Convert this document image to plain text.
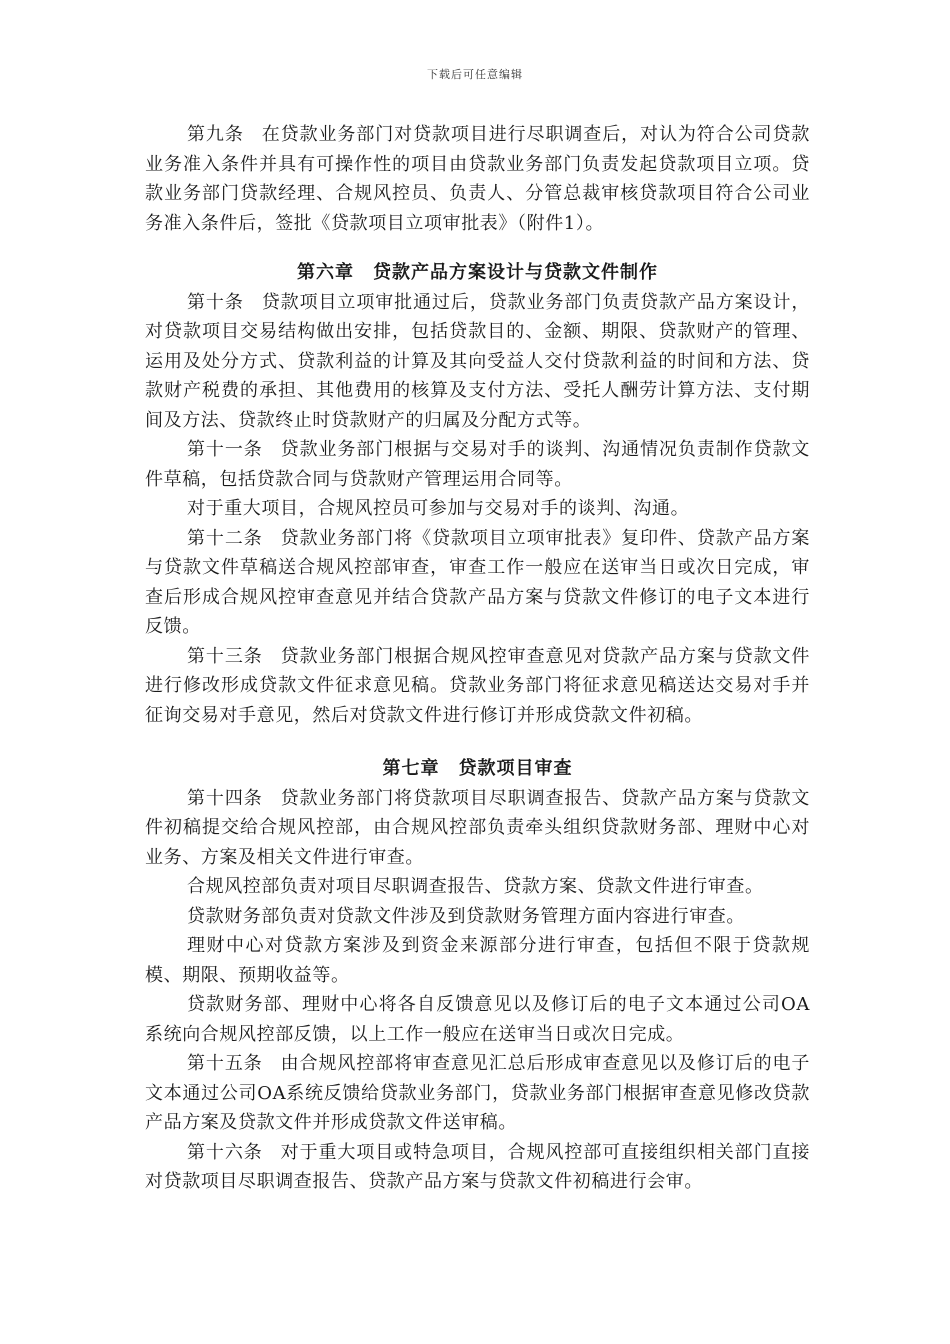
下载后可任意编辑

第九条 在贷款业务部门对贷款项目进行尽职调查后，对认为符合公司贷款业务准入条件并具有可操作性的项目由贷款业务部门负责发起贷款项目立项。贷款业务部门贷款经理、合规风控员、负责人、分管总裁审核贷款项目符合公司业务准入条件后，签批《贷款项目立项审批表》（附件1）。

第六章　贷款产品方案设计与贷款文件制作

第十条 贷款项目立项审批通过后，贷款业务部门负责贷款产品方案设计，对贷款项目交易结构做出安排，包括贷款目的、金额、期限、贷款财产的管理、运用及处分方式、贷款利益的计算及其向受益人交付贷款利益的时间和方法、贷款财产税费的承担、其他费用的核算及支付方法、受托人酬劳计算方法、支付期间及方法、贷款终止时贷款财产的归属及分配方式等。

第十一条 贷款业务部门根据与交易对手的谈判、沟通情况负责制作贷款文件草稿，包括贷款合同与贷款财产管理运用合同等。

对于重大项目，合规风控员可参加与交易对手的谈判、沟通。

第十二条 贷款业务部门将《贷款项目立项审批表》复印件、贷款产品方案与贷款文件草稿送合规风控部审查，审查工作一般应在送审当日或次日完成，审查后形成合规风控审查意见并结合贷款产品方案与贷款文件修订的电子文本进行反馈。

第十三条 贷款业务部门根据合规风控审查意见对贷款产品方案与贷款文件进行修改形成贷款文件征求意见稿。贷款业务部门将征求意见稿送达交易对手并征询交易对手意见，然后对贷款文件进行修订并形成贷款文件初稿。

第七章　贷款项目审查

第十四条 贷款业务部门将贷款项目尽职调查报告、贷款产品方案与贷款文件初稿提交给合规风控部，由合规风控部负责牵头组织贷款财务部、理财中心对业务、方案及相关文件进行审查。

合规风控部负责对项目尽职调查报告、贷款方案、贷款文件进行审查。

贷款财务部负责对贷款文件涉及到贷款财务管理方面内容进行审查。

理财中心对贷款方案涉及到资金来源部分进行审查，包括但不限于贷款规模、期限、预期收益等。

贷款财务部、理财中心将各自反馈意见以及修订后的电子文本通过公司OA系统向合规风控部反馈，以上工作一般应在送审当日或次日完成。

第十五条 由合规风控部将审查意见汇总后形成审查意见以及修订后的电子文本通过公司OA系统反馈给贷款业务部门，贷款业务部门根据审查意见修改贷款产品方案及贷款文件并形成贷款文件送审稿。

第十六条 对于重大项目或特急项目，合规风控部可直接组织相关部门直接对贷款项目尽职调查报告、贷款产品方案与贷款文件初稿进行会审。
